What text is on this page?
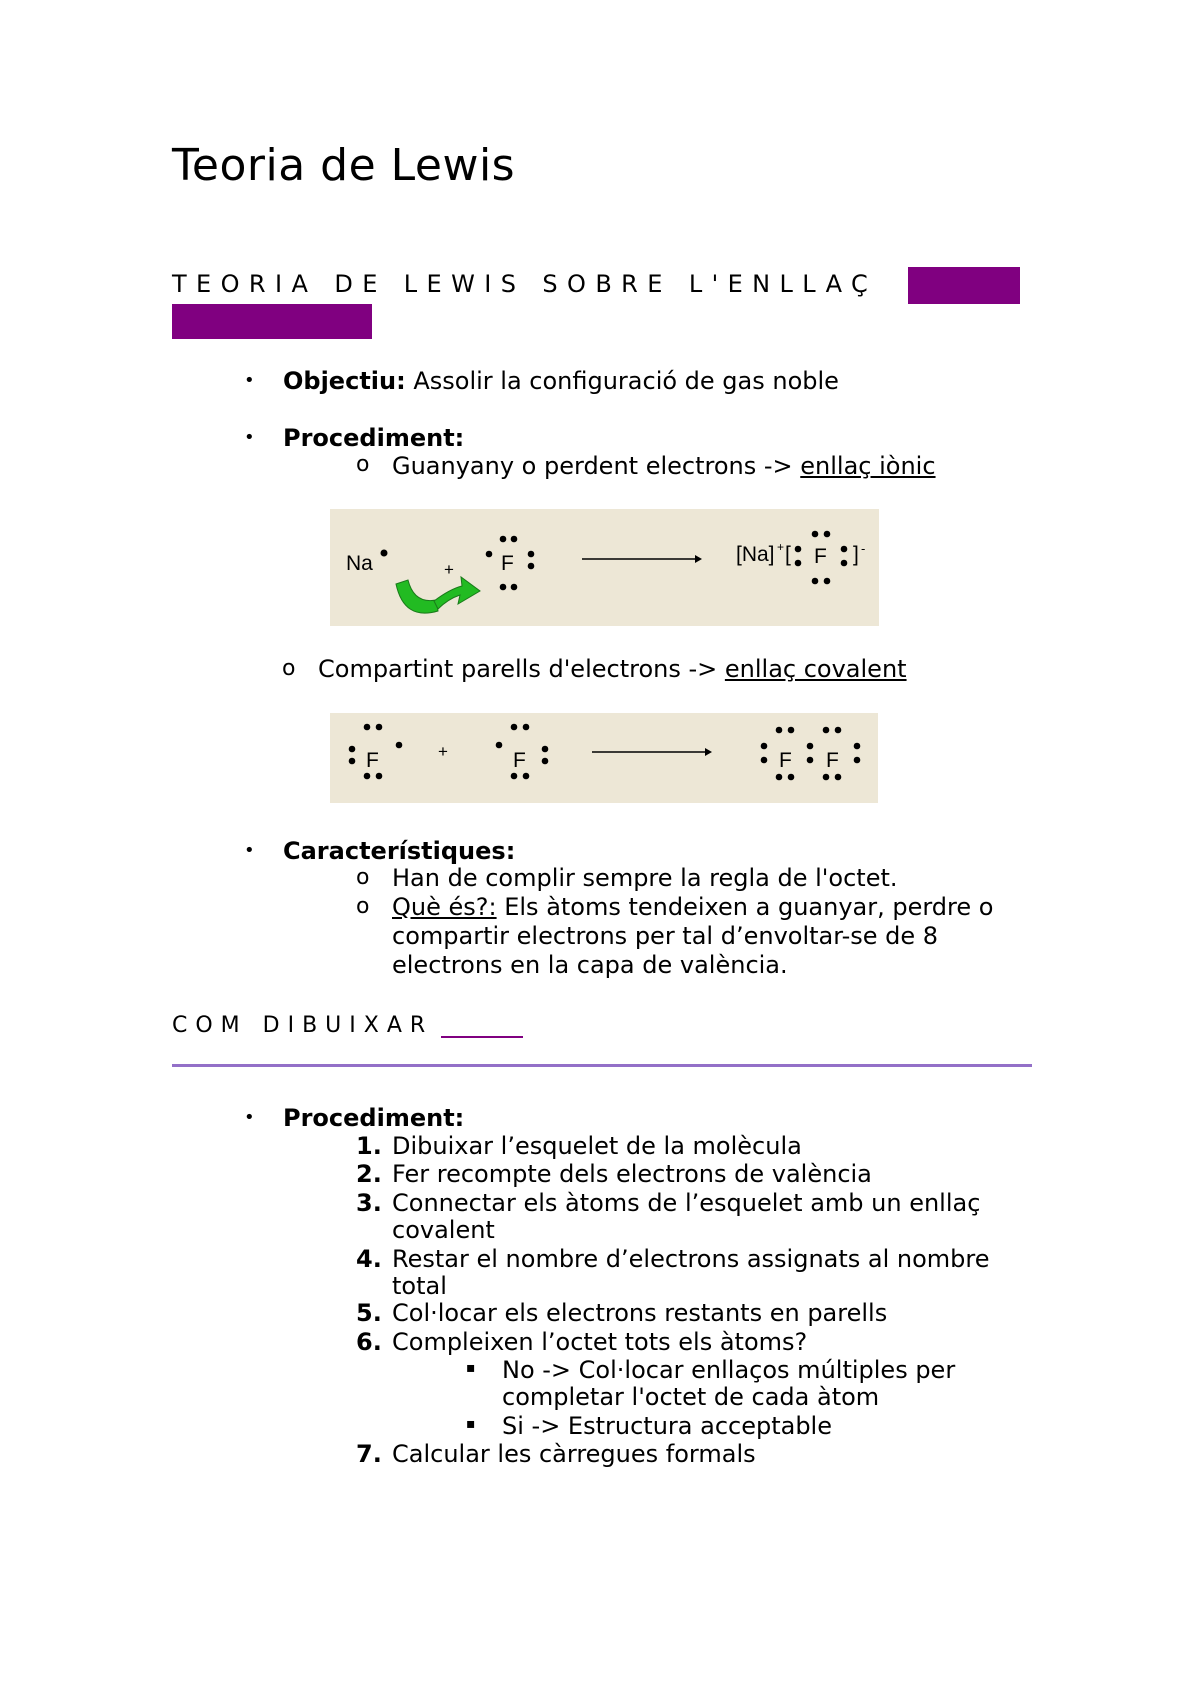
Teoria de Lewis
TEORIA DE LEWIS SOBRE L'ENLLAÇ
• Objectiu: Assolir la configuració de gas noble
• Procediment:
o Guanyany o perdent electrons -> enllaç iònic
Na	+ F	[Na] + [ F ] -
o Compartint parells d'electrons -> enllaç covalent
F	+	F	F F
• Característiques:
o Han de complir sempre la regla de l'octet.
o Què és?: Els àtoms tendeixen a guanyar, perdre o
compartir electrons per tal d’envoltar-se de 8
electrons en la capa de valència.
COM DIBUIXAR
• Procediment:
1. Dibuixar l’esquelet de la molècula
2. Fer recompte dels electrons de valència
3. Connectar els àtoms de l’esquelet amb un enllaç
covalent
4. Restar el nombre d’electrons assignats al nombre
total
5. Col·locar els electrons restants en parells
6. Compleixen l’octet tots els àtoms?
▪ No -> Col·locar enllaços múltiples per
completar l'octet de cada àtom
▪ Si -> Estructura acceptable
7. Calcular les càrregues formals
